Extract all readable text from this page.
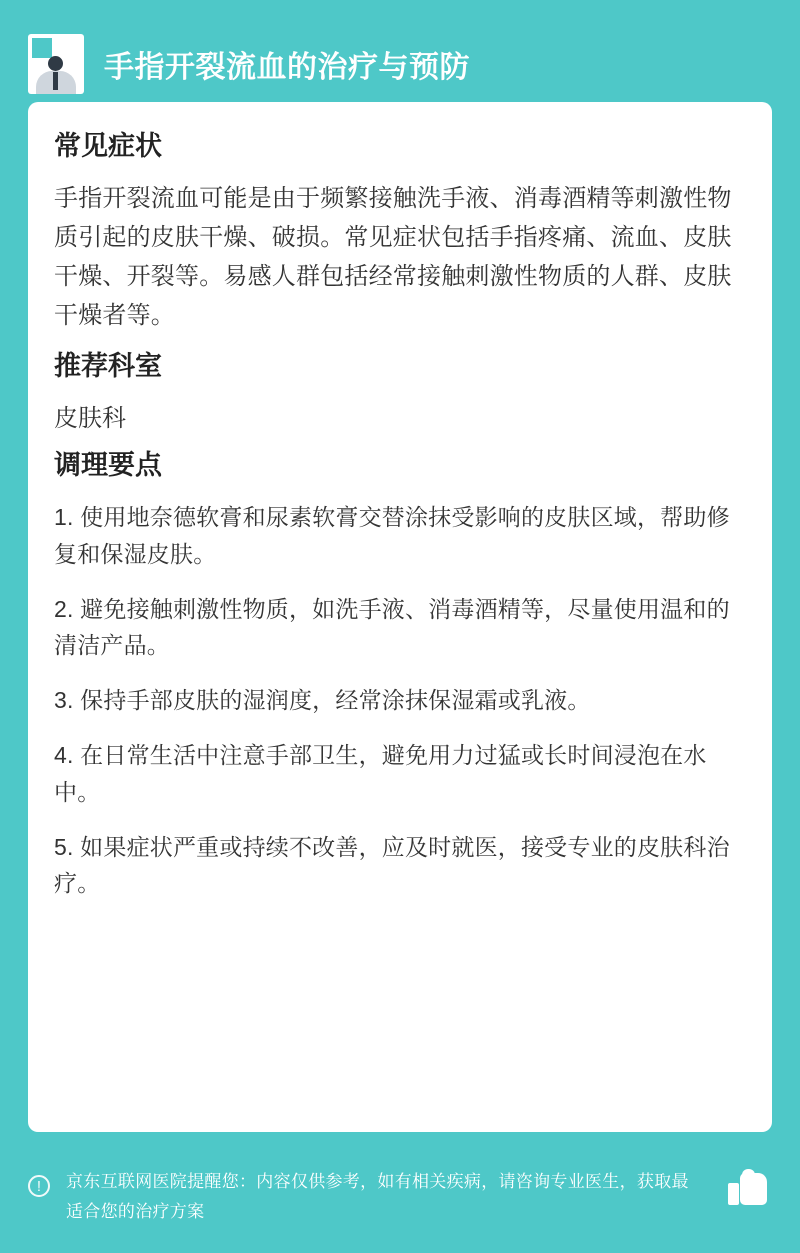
手指开裂流血的治疗与预防
常见症状

手指开裂流血可能是由于频繁接触洗手液、消毒酒精等刺激性物质引起的皮肤干燥、破损。常见症状包括手指疼痛、流血、皮肤干燥、开裂等。易感人群包括经常接触刺激性物质的人群、皮肤干燥者等。

推荐科室

皮肤科

调理要点

1. 使用地奈德软膏和尿素软膏交替涂抹受影响的皮肤区域，帮助修复和保湿皮肤。

2. 避免接触刺激性物质，如洗手液、消毒酒精等，尽量使用温和的清洁产品。

3. 保持手部皮肤的湿润度，经常涂抹保湿霜或乳液。

4. 在日常生活中注意手部卫生，避免用力过猛或长时间浸泡在水中。

5. 如果症状严重或持续不改善，应及时就医，接受专业的皮肤科治疗。

!	京东互联网医院提醒您：内容仅供参考，如有相关疾病，请咨询专业医生，获取最适合您的治疗方案
